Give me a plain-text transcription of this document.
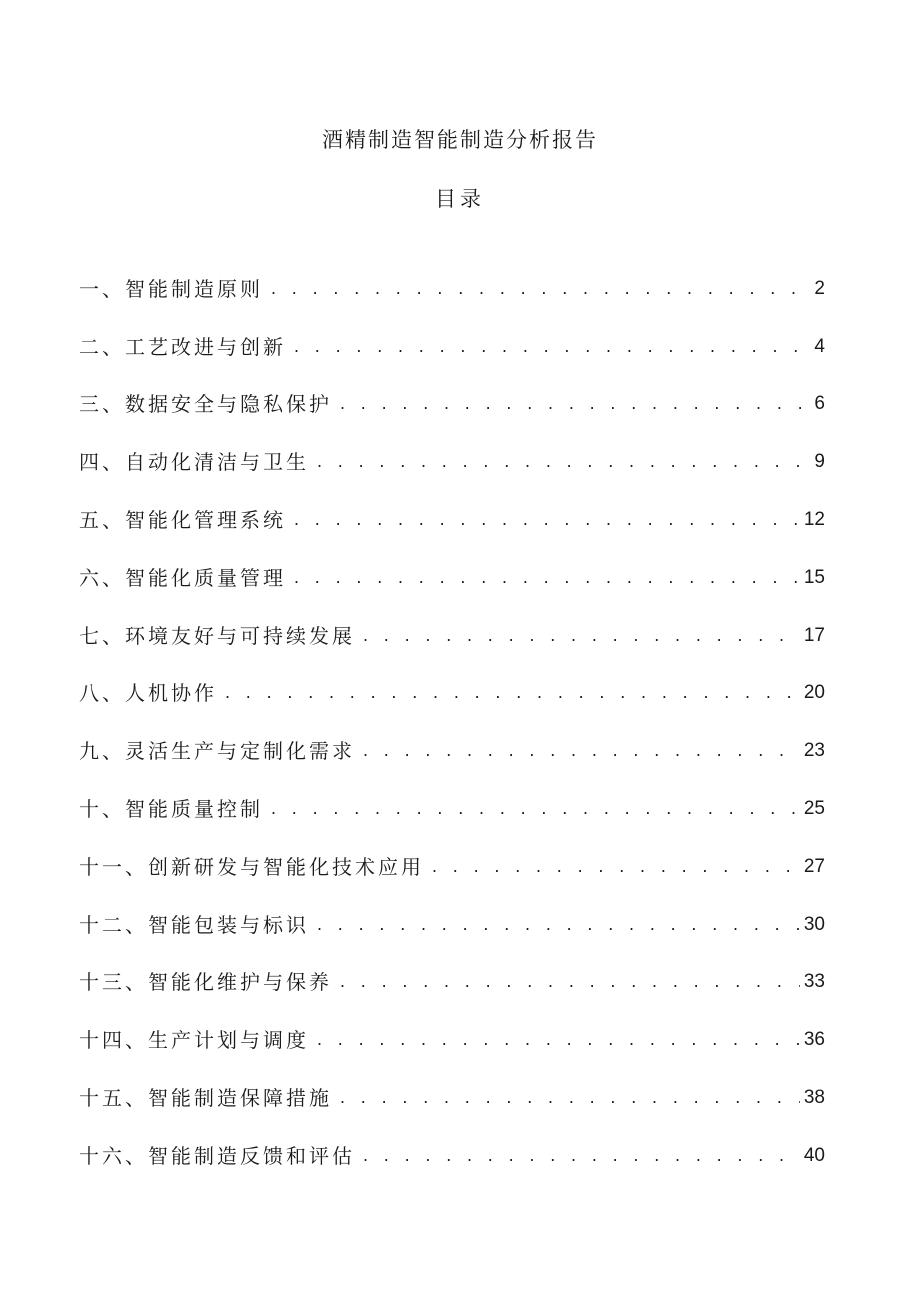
酒精制造智能制造分析报告
目录
一、智能制造原则 . . .	2
二、工艺改进与创新 . . .	4
三、数据安全与隐私保护 . . .	6
四、自动化清洁与卫生 . . .	9
五、智能化管理系统 . . .	12
六、智能化质量管理 . . .	15
七、环境友好与可持续发展 . . .	17
八、人机协作 . . .	20
九、灵活生产与定制化需求 . . .	23
十、智能质量控制 . . .	25
十一、创新研发与智能化技术应用 . . .	27
十二、智能包装与标识 . . .	30
十三、智能化维护与保养 . . .	33
十四、生产计划与调度 . . .	36
十五、智能制造保障措施 . . .	38
十六、智能制造反馈和评估 . . .	40
